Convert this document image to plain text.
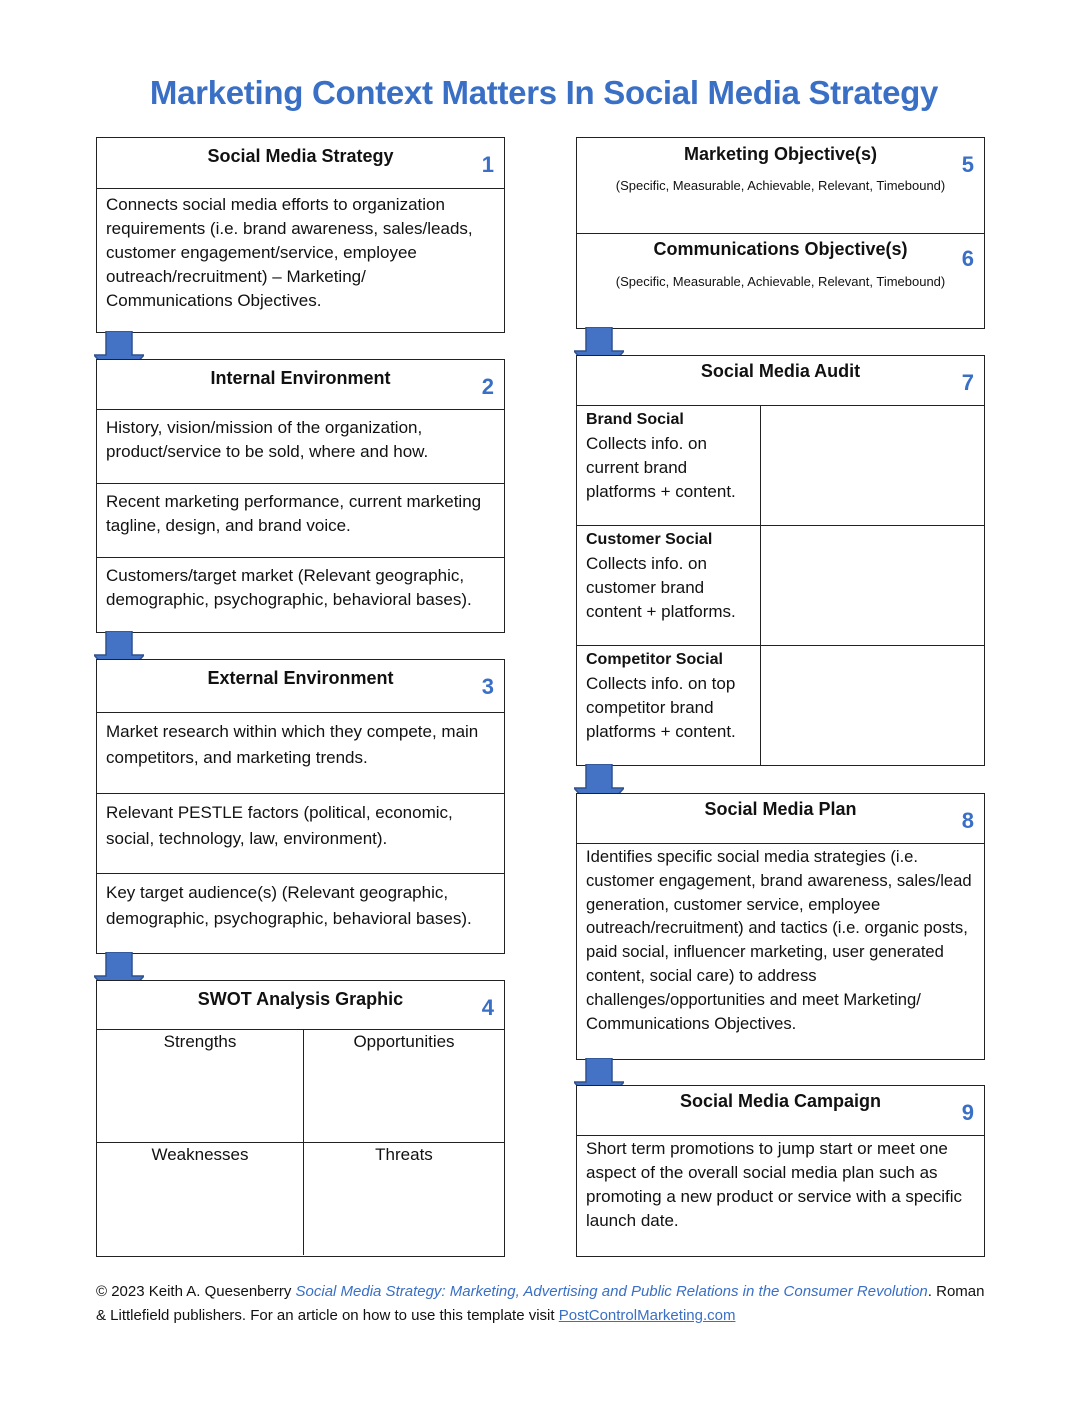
Marketing Context Matters In Social Media Strategy
Social Media Strategy	1
Connects social media efforts to organization requirements (i.e. brand awareness, sales/leads, customer engagement/service, employee outreach/recruitment) – Marketing/ Communications Objectives.
Internal Environment	2
History, vision/mission of the organization, product/service to be sold, where and how.
Recent marketing performance, current marketing tagline, design, and brand voice.
Customers/target market (Relevant geographic, demographic, psychographic, behavioral bases).
External Environment	3
Market research within which they compete, main competitors, and marketing trends.
Relevant PESTLE factors (political, economic, social, technology, law, environment).
Key target audience(s) (Relevant geographic, demographic, psychographic, behavioral bases).
SWOT Analysis Graphic	4
Strengths	Opportunities
Weaknesses	Threats
Marketing Objective(s)	5
(Specific, Measurable, Achievable, Relevant, Timebound)
Communications Objective(s)	6
(Specific, Measurable, Achievable, Relevant, Timebound)
Social Media Audit	7
Brand Social
Collects info. on current brand platforms + content.
Customer Social
Collects info. on customer brand content + platforms.
Competitor Social
Collects info. on top competitor brand platforms + content.
Social Media Plan	8
Identifies specific social media strategies (i.e. customer engagement, brand awareness, sales/lead generation, customer service, employee outreach/recruitment) and tactics (i.e. organic posts, paid social, influencer marketing, user generated content, social care) to address challenges/opportunities and meet Marketing/ Communications Objectives.
Social Media Campaign	9
Short term promotions to jump start or meet one aspect of the overall social media plan such as promoting a new product or service with a specific launch date.
© 2023 Keith A. Quesenberry Social Media Strategy: Marketing, Advertising and Public Relations in the Consumer Revolution. Roman & Littlefield publishers. For an article on how to use this template visit PostControlMarketing.com
